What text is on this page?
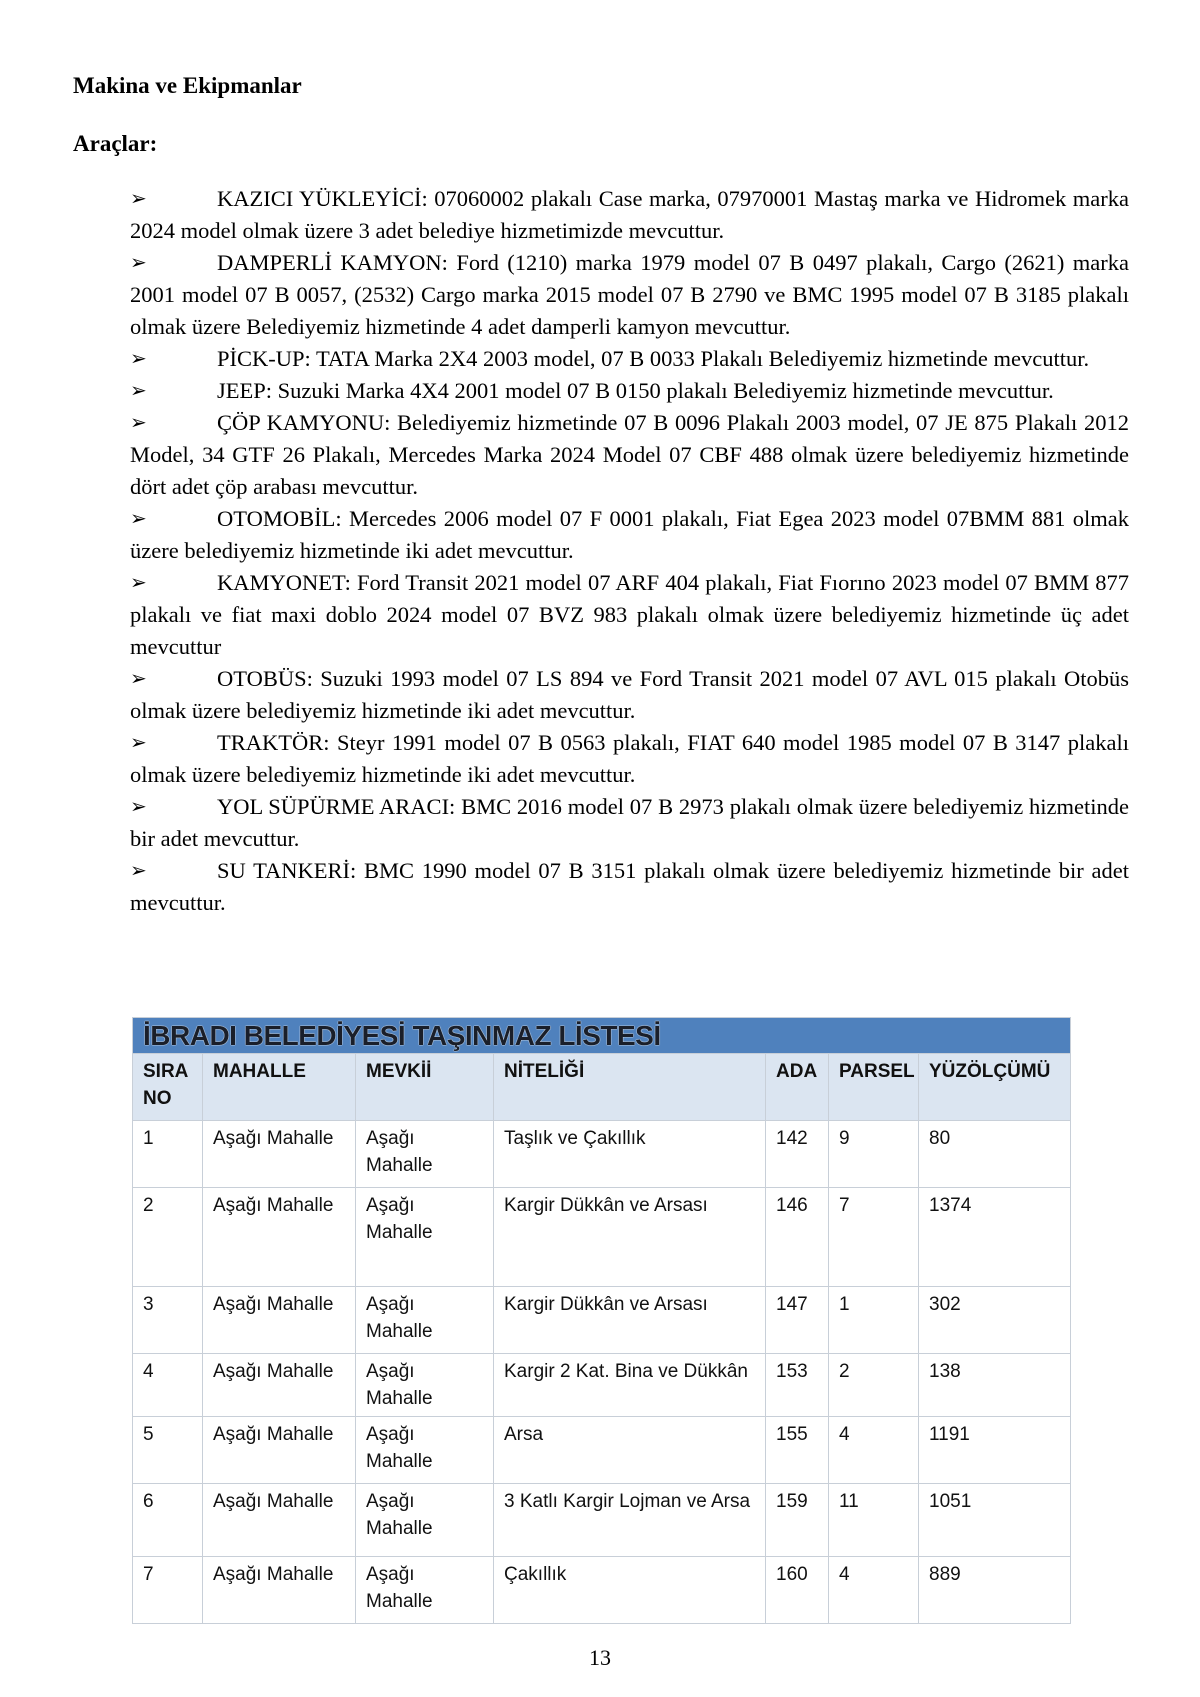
Makina ve Ekipmanlar
Araçlar:

➢	KAZICI YÜKLEYİCİ: 07060002 plakalı Case marka, 07970001 Mastaş marka ve Hidromek marka 2024 model olmak üzere 3 adet belediye hizmetimizde mevcuttur.

➢	DAMPERLİ KAMYON: Ford (1210) marka 1979 model 07 B 0497 plakalı, Cargo (2621) marka 2001 model 07 B 0057, (2532) Cargo marka 2015 model 07 B 2790 ve BMC 1995 model 07 B 3185 plakalı olmak üzere Belediyemiz hizmetinde 4 adet damperli kamyon mevcuttur.

➢	PİCK-UP: TATA Marka 2X4 2003 model, 07 B 0033 Plakalı Belediyemiz hizmetinde mevcuttur.

➢	JEEP: Suzuki Marka 4X4 2001 model 07 B 0150 plakalı Belediyemiz hizmetinde mevcuttur.

➢	ÇÖP KAMYONU: Belediyemiz hizmetinde 07 B 0096 Plakalı 2003 model, 07 JE 875 Plakalı 2012 Model, 34 GTF 26 Plakalı, Mercedes Marka 2024 Model 07 CBF 488 olmak üzere belediyemiz hizmetinde dört adet çöp arabası mevcuttur.

➢	OTOMOBİL: Mercedes 2006 model 07 F 0001 plakalı, Fiat Egea 2023 model 07BMM 881 olmak üzere belediyemiz hizmetinde iki adet mevcuttur.

➢	KAMYONET: Ford Transit 2021 model 07 ARF 404 plakalı, Fiat Fıorıno 2023 model 07 BMM 877 plakalı ve fiat maxi doblo 2024 model 07 BVZ 983 plakalı olmak üzere belediyemiz hizmetinde üç adet mevcuttur

➢	OTOBÜS: Suzuki 1993 model 07 LS 894 ve Ford Transit 2021 model 07 AVL 015 plakalı Otobüs olmak üzere belediyemiz hizmetinde iki adet mevcuttur.

➢	TRAKTÖR: Steyr 1991 model 07 B 0563 plakalı, FIAT 640 model 1985 model 07 B 3147 plakalı olmak üzere belediyemiz hizmetinde iki adet mevcuttur.

➢	YOL SÜPÜRME ARACI: BMC 2016 model 07 B 2973 plakalı olmak üzere belediyemiz hizmetinde bir adet mevcuttur.

➢	SU TANKERİ: BMC 1990 model 07 B 3151 plakalı olmak üzere belediyemiz hizmetinde bir adet mevcuttur.

İBRADI BELEDİYESİ TAŞINMAZ LİSTESİ						
SIRA NO	MAHALLE	MEVKİİ	NİTELİĞİ	ADA	PARSEL	YÜZÖLÇÜMÜ
1	Aşağı Mahalle	Aşağı Mahalle	Taşlık ve Çakıllık	142	9	80
2	Aşağı Mahalle	Aşağı Mahalle	Kargir Dükkân ve Arsası	146	7	1374
3	Aşağı Mahalle	Aşağı Mahalle	Kargir Dükkân ve Arsası	147	1	302
4	Aşağı Mahalle	Aşağı Mahalle	Kargir 2 Kat. Bina ve Dükkân	153	2	138
5	Aşağı Mahalle	Aşağı Mahalle	Arsa	155	4	1191
6	Aşağı Mahalle	Aşağı Mahalle	3 Katlı Kargir Lojman ve Arsa	159	11	1051
7	Aşağı Mahalle	Aşağı Mahalle	Çakıllık	160	4	889
13
